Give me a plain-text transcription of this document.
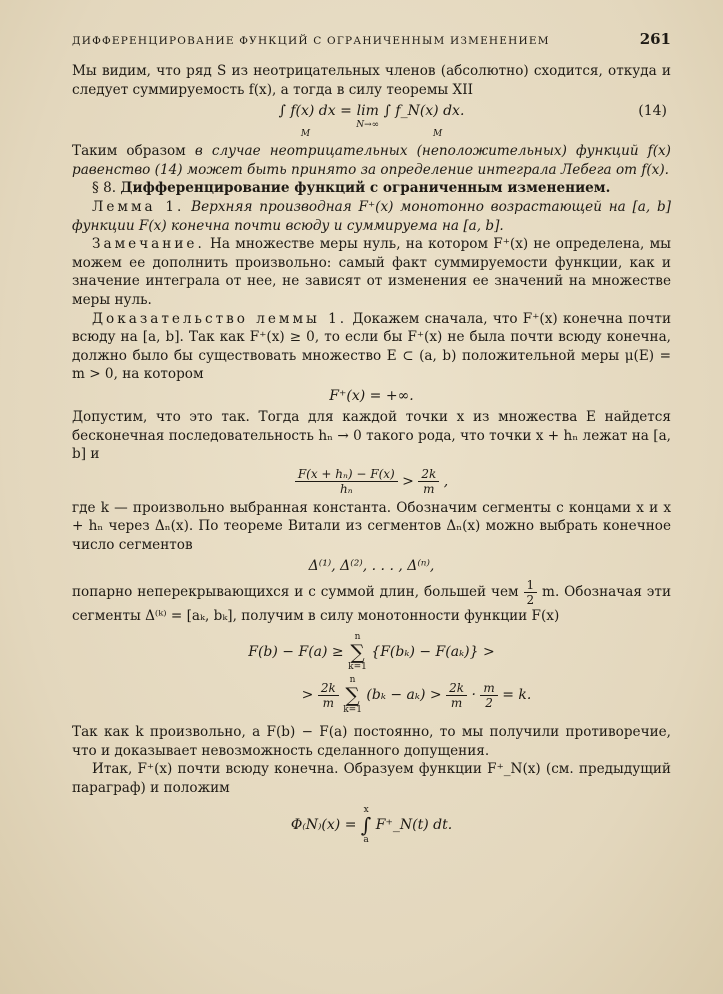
ДИФФЕРЕНЦИРОВАНИЕ ФУНКЦИЙ С ОГРАНИЧЕННЫМ ИЗМЕНЕНИЕМ	261

Мы видим, что ряд S из неотрицательных членов (абсолютно) сходится, откуда и следует суммируемость f(x), а тогда в силу теоремы XII

∫ f(x) dx = lim
N→∞
∫ f_N(x) dx.	(14)
M	M

Таким образом в случае неотрицательных (неположительных) функций f(x) равенство (14) может быть принято за определение интеграла Лебега от f(x).

§ 8. Дифференцирование функций с ограниченным изменением.

Лемма 1. Верхняя производная F⁺(x) монотонно возрастающей на [a, b] функции F(x) конечна почти всюду и суммируема на [a, b].

Замечание. На множестве меры нуль, на котором F⁺(x) не определена, мы можем ее дополнить произвольно: самый факт суммируемости функции, как и значение интеграла от нее, не зависят от изменения ее значений на множестве меры нуль.

Доказательство леммы 1. Докажем сначала, что F⁺(x) конечна почти всюду на [a, b]. Так как F⁺(x) ≥ 0, то если бы F⁺(x) не была почти всюду конечна, должно было бы существовать множество E ⊂ (a, b) положительной меры μ(E) = m > 0, на котором

F⁺(x) = +∞.

Допустим, что это так. Тогда для каждой точки x из множества E найдется бесконечная последовательность hₙ → 0 такого рода, что точки x + hₙ лежат на [a, b] и

$\frac{\text{F(x + hₙ) − F(x)}}{\text{hₙ}} > \frac{2k}{m}$ ,

где k — произвольно выбранная константа. Обозначим сегменты с концами x и x + hₙ через Δₙ(x). По теореме Витали из сегментов Δₙ(x) можно выбрать конечное число сегментов

Δ⁽¹⁾, Δ⁽²⁾, . . . , Δ⁽ⁿ⁾,

попарно неперекрывающихся и с суммой длин, большей чем $\frac{1}{2} m$. Обозначая эти сегменты Δ⁽ᵏ⁾ = [aₖ, bₖ], получим в силу монотонности функции F(x)

F(b) − F(a) ≥
n
∑
k=1
{F(bₖ) − F(aₖ)} >
> $\frac{2k}{m}$

n
∑
k=1
$(b_k - a_k) > \frac{2k}{m} \cdot \frac{m}{2} = k$.

Так как k произвольно, а F(b) − F(a) постоянно, то мы получили противоречие, что и доказывает невозможность сделанного допущения.

Итак, F⁺(x) почти всюду конечна. Образуем функции F⁺_N(x) (см. предыдущий параграф) и положим

Φ₍N₎(x) =
x
∫
a
F⁺_N(t) dt.
